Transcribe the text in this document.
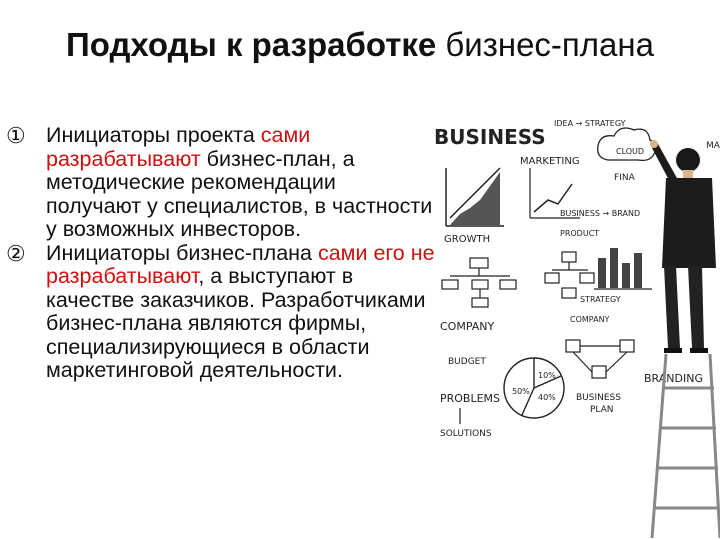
Подходы к разработке бизнес-плана
① Инициаторы проекта сами разрабатывают бизнес-план, а методические рекомендации получают у специалистов, в частности у возможных инвесторов.
② Инициаторы бизнес-плана сами его не разрабатывают, а выступают в качестве заказчиков. Разработчиками бизнес-плана являются фирмы, специализирующиеся в области маркетинговой деятельности.
BUSINESS
GROWTH
MARKETING
IDEA → STRATEGY
CLOUD
FINA
BUSINESS → BRAND
PRODUCT
COMPANY
STRATEGY
COMPANY
BUDGET
10%
50%
40%
PROBLEMS
SOLUTIONS
BUSINESS
PLAN
BRANDING
MA
